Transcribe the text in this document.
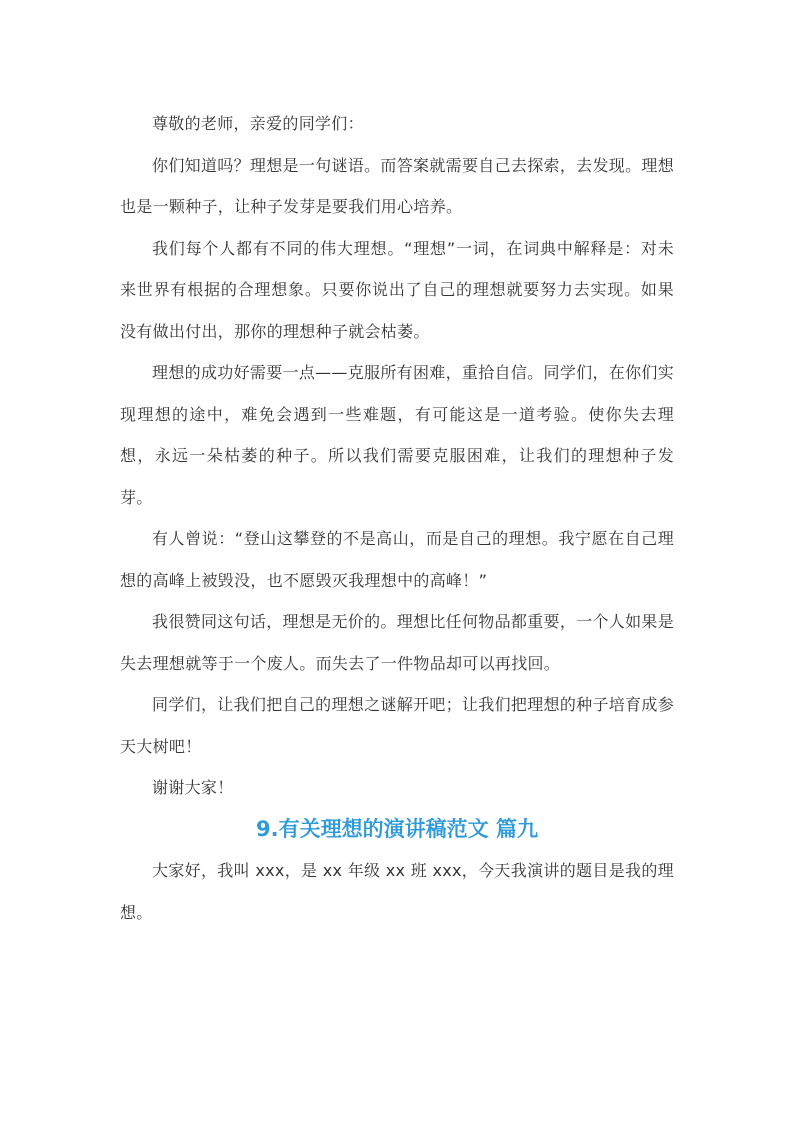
尊敬的老师，亲爱的同学们：

你们知道吗？理想是一句谜语。而答案就需要自己去探索，去发现。理想也是一颗种子，让种子发芽是要我们用心培养。

我们每个人都有不同的伟大理想。“理想”一词，在词典中解释是：对未来世界有根据的合理想象。只要你说出了自己的理想就要努力去实现。如果没有做出付出，那你的理想种子就会枯萎。

理想的成功好需要一点——克服所有困难，重拾自信。同学们，在你们实现理想的途中，难免会遇到一些难题，有可能这是一道考验。使你失去理想，永远一朵枯萎的种子。所以我们需要克服困难，让我们的理想种子发芽。

有人曾说：“登山这攀登的不是高山，而是自己的理想。我宁愿在自己理想的高峰上被毁没，也不愿毁灭我理想中的高峰！”

我很赞同这句话，理想是无价的。理想比任何物品都重要，一个人如果是失去理想就等于一个废人。而失去了一件物品却可以再找回。

同学们，让我们把自己的理想之谜解开吧；让我们把理想的种子培育成参天大树吧！

谢谢大家！

9.有关理想的演讲稿范文 篇九

大家好，我叫 xxx，是 xx 年级 xx 班 xxx，今天我演讲的题目是我的理想。
